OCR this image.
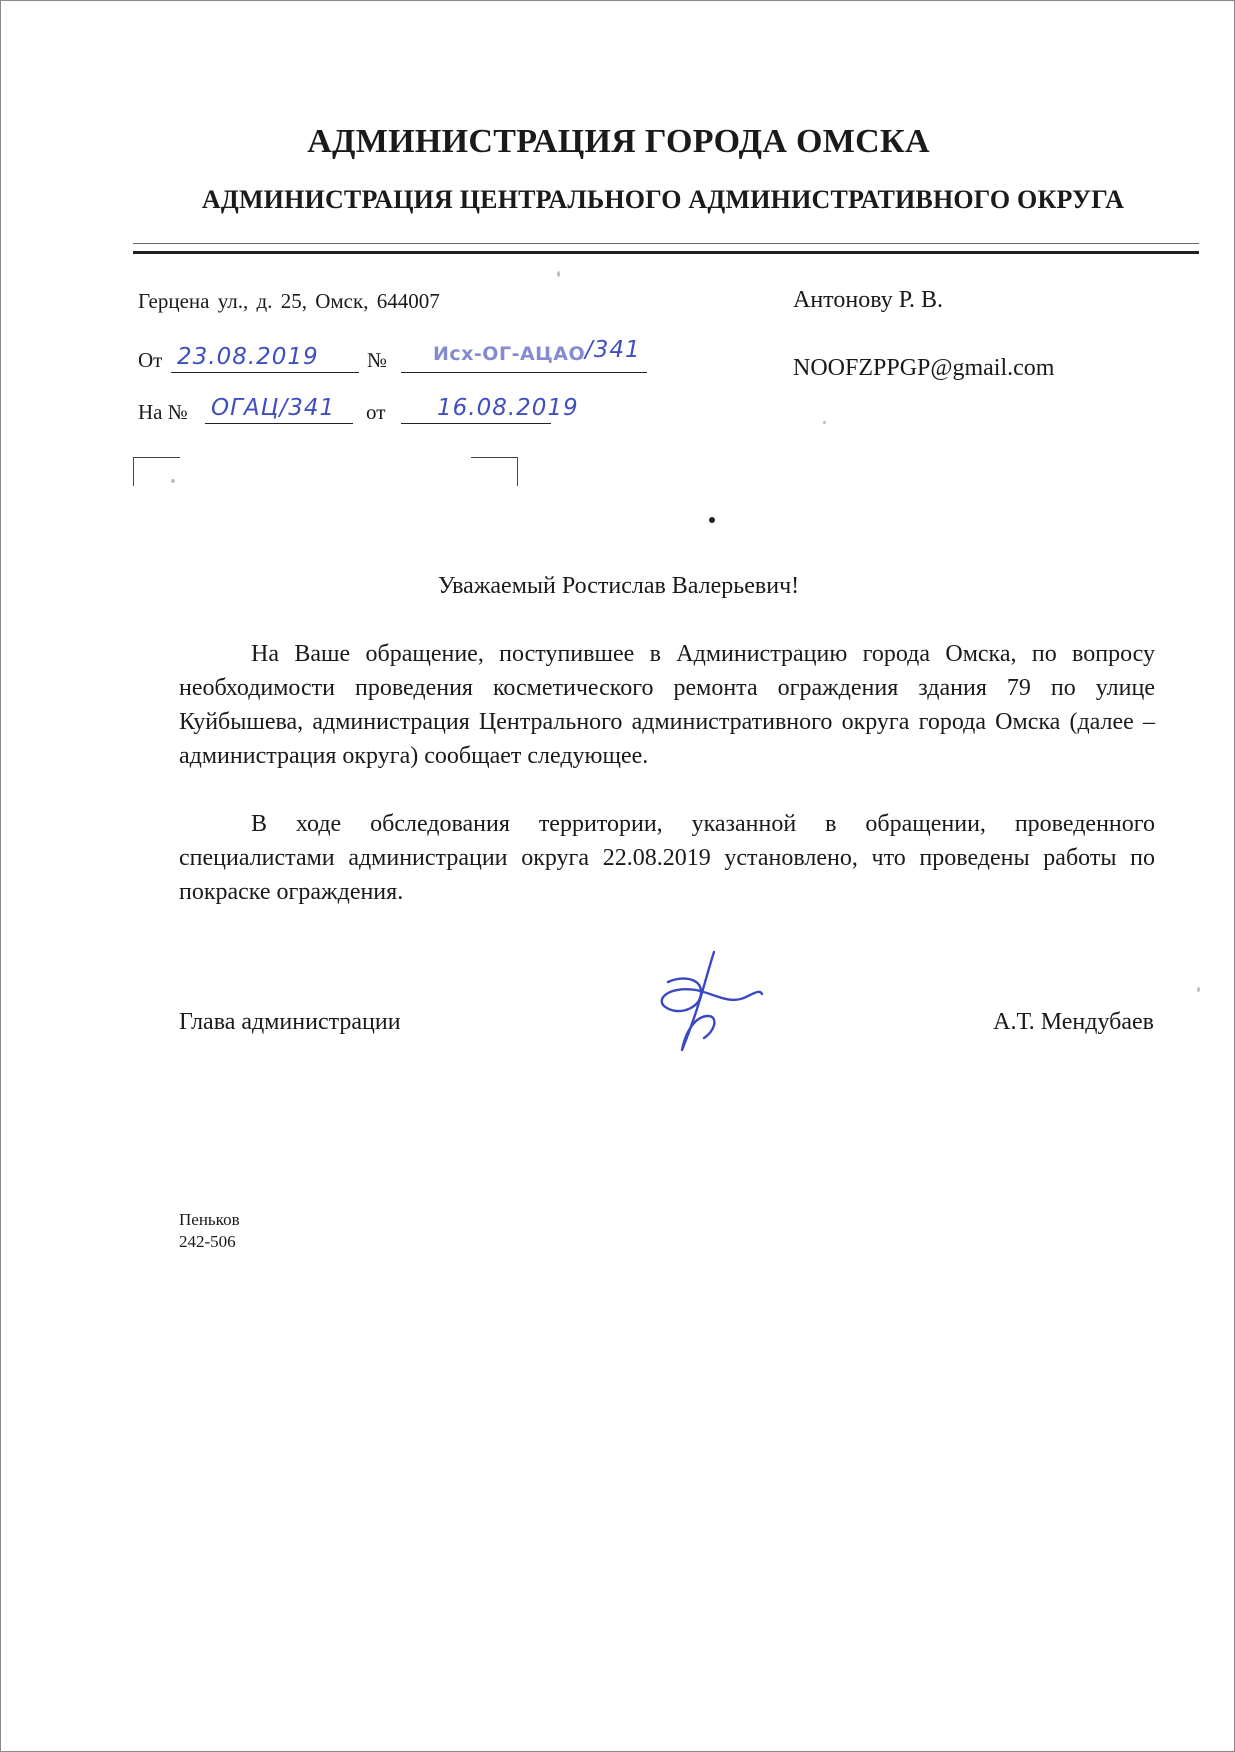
АДМИНИСТРАЦИЯ ГОРОДА ОМСКА
АДМИНИСТРАЦИЯ ЦЕНТРАЛЬНОГО АДМИНИСТРАТИВНОГО ОКРУГА
Герцена ул., д. 25, Омск, 644007
От 23.08.2019 № Исх-ОГ-АЦАО /341
На № ОГАЦ/341 от 16.08.2019
Антонову Р. В.
NOOFZPPGP@gmail.com
Уважаемый Ростислав Валерьевич!

На Ваше обращение, поступившее в Администрацию города Омска, по вопросу необходимости проведения косметического ремонта ограждения здания 79 по улице Куйбышева, администрация Центрального административного округа города Омска (далее – администрация округа) сообщает следующее.

В ходе обследования территории, указанной в обращении, проведенного специалистами администрации округа 22.08.2019 установлено, что проведены работы по покраске ограждения.

Глава администрации	А.Т. Мендубаев
Пеньков
242-506
